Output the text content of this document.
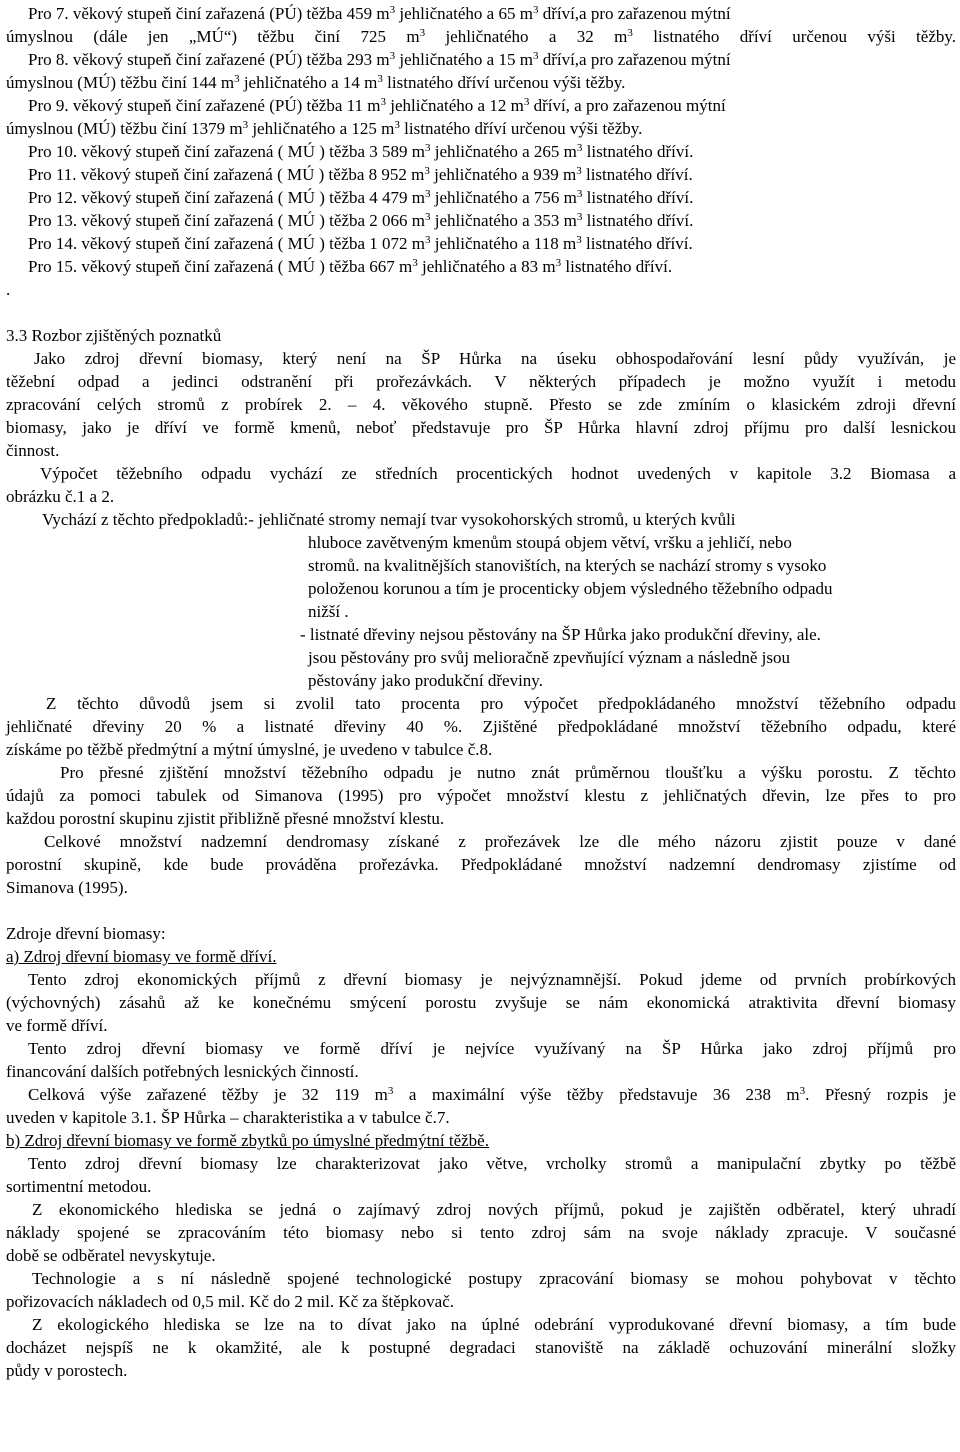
Pro 7. věkový stupeň činí zařazená (PÚ) těžba 459 $m^3$ jehličnatého a 65 $m^3$ dříví,a pro zařazenou mýtní
úmyslnou (dále jen „MÚ“) těžbu činí 725 $m^3$ jehličnatého a 32 $m^3$ listnatého dříví určenou výši těžby.
Pro 8. věkový stupeň činí zařazené (PÚ) těžba 293 $m^3$ jehličnatého a 15 $m^3$ dříví,a pro zařazenou mýtní
úmyslnou (MÚ) těžbu činí 144 $m^3$ jehličnatého a 14 $m^3$ listnatého dříví určenou výši těžby.
Pro 9. věkový stupeň činí zařazené (PÚ) těžba 11 $m^3$ jehličnatého a 12 $m^3$ dříví, a pro zařazenou mýtní
úmyslnou (MÚ) těžbu činí 1379 $m^3$ jehličnatého a 125 $m^3$ listnatého dříví určenou výši těžby.
Pro 10. věkový stupeň činí zařazená ( MÚ ) těžba 3 589 $m^3$ jehličnatého a 265 $m^3$ listnatého dříví.
Pro 11. věkový stupeň činí zařazená ( MÚ ) těžba 8 952 $m^3$ jehličnatého a 939 $m^3$ listnatého dříví.
Pro 12. věkový stupeň činí zařazená ( MÚ ) těžba 4 479 $m^3$ jehličnatého a 756 $m^3$ listnatého dříví.
Pro 13. věkový stupeň činí zařazená ( MÚ ) těžba 2 066 $m^3$ jehličnatého a 353 $m^3$ listnatého dříví.
Pro 14. věkový stupeň činí zařazená ( MÚ ) těžba 1 072 $m^3$ jehličnatého a 118 $m^3$ listnatého dříví.
Pro 15. věkový stupeň činí zařazená ( MÚ ) těžba 667 $m^3$ jehličnatého a 83 $m^3$ listnatého dříví.
.
3.3 Rozbor zjištěných poznatků
Jako zdroj dřevní biomasy, který není na ŠP Hůrka na úseku obhospodařování lesní půdy využíván, je
těžební odpad a jedinci odstranění při prořezávkách. V některých případech je možno využít i metodu
zpracování celých stromů z probírek 2. – 4. věkového stupně. Přesto se zde zmíním o klasickém zdroji dřevní
biomasy, jako je dříví ve formě kmenů, neboť představuje pro ŠP Hůrka hlavní zdroj příjmu pro další lesnickou
činnost.
Výpočet těžebního odpadu vychází ze středních procentických hodnot uvedených v kapitole 3.2 Biomasa a
obrázku č.1 a 2.
Vychází z těchto předpokladů:- jehličnaté stromy nemají tvar vysokohorských stromů, u kterých kvůli
hluboce zavětveným kmenům stoupá objem větví, vršku a jehličí, nebo
stromů. na kvalitnějších stanovištích, na kterých se nachází stromy s vysoko
položenou korunou a tím je procenticky objem výsledného těžebního odpadu
nižší .
- listnaté dřeviny nejsou pěstovány na ŠP Hůrka jako produkční dřeviny, ale.
jsou pěstovány pro svůj melioračně zpevňující význam a následně jsou
pěstovány jako produkční dřeviny.
Z těchto důvodů jsem si zvolil tato procenta pro výpočet předpokládaného množství těžebního odpadu
jehličnaté dřeviny 20 % a listnaté dřeviny 40 %. Zjištěné předpokládané množství těžebního odpadu, které
získáme po těžbě předmýtní a mýtní úmyslné, je uvedeno v tabulce č.8.
Pro přesné zjištění množství těžebního odpadu je nutno znát průměrnou tloušťku a výšku porostu. Z těchto
údajů za pomoci tabulek od Simanova (1995) pro výpočet množství klestu z jehličnatých dřevin, lze přes to pro
každou porostní skupinu zjistit přibližně přesné množství klestu.
Celkové množství nadzemní dendromasy získané z prořezávek lze dle mého názoru zjistit pouze v dané
porostní skupině, kde bude prováděna prořezávka. Předpokládané množství nadzemní dendromasy zjistíme od
Simanova (1995).
Zdroje dřevní biomasy:
a) Zdroj dřevní biomasy ve formě dříví.
Tento zdroj ekonomických příjmů z dřevní biomasy je nejvýznamnější. Pokud jdeme od prvních probírkových
(výchovných) zásahů až ke konečnému smýcení porostu zvyšuje se nám ekonomická atraktivita dřevní biomasy
ve formě dříví.
Tento zdroj dřevní biomasy ve formě dříví je nejvíce využívaný na ŠP Hůrka jako zdroj příjmů pro
financování dalších potřebných lesnických činností.
Celková výše zařazené těžby je 32 119 $m^3$ a maximální výše těžby představuje 36 238 $m^3$. Přesný rozpis je
uveden v kapitole 3.1. ŠP Hůrka – charakteristika a v tabulce č.7.
b) Zdroj dřevní biomasy ve formě zbytků po úmyslné předmýtní těžbě.
Tento zdroj dřevní biomasy lze charakterizovat jako větve, vrcholky stromů a manipulační zbytky po těžbě
sortimentní metodou.
Z ekonomického hlediska se jedná o zajímavý zdroj nových příjmů, pokud je zajištěn odběratel, který uhradí
náklady spojené se zpracováním této biomasy nebo si tento zdroj sám na svoje náklady zpracuje. V současné
době se odběratel nevyskytuje.
Technologie a s ní následně spojené technologické postupy zpracování biomasy se mohou pohybovat v těchto
pořizovacích nákladech od 0,5 mil. Kč do 2 mil. Kč za štěpkovač.
Z ekologického hlediska se lze na to dívat jako na úplné odebrání vyprodukované dřevní biomasy, a tím bude
docházet nejspíš ne k okamžité, ale k postupné degradaci stanoviště na základě ochuzování minerální složky
půdy v porostech.
